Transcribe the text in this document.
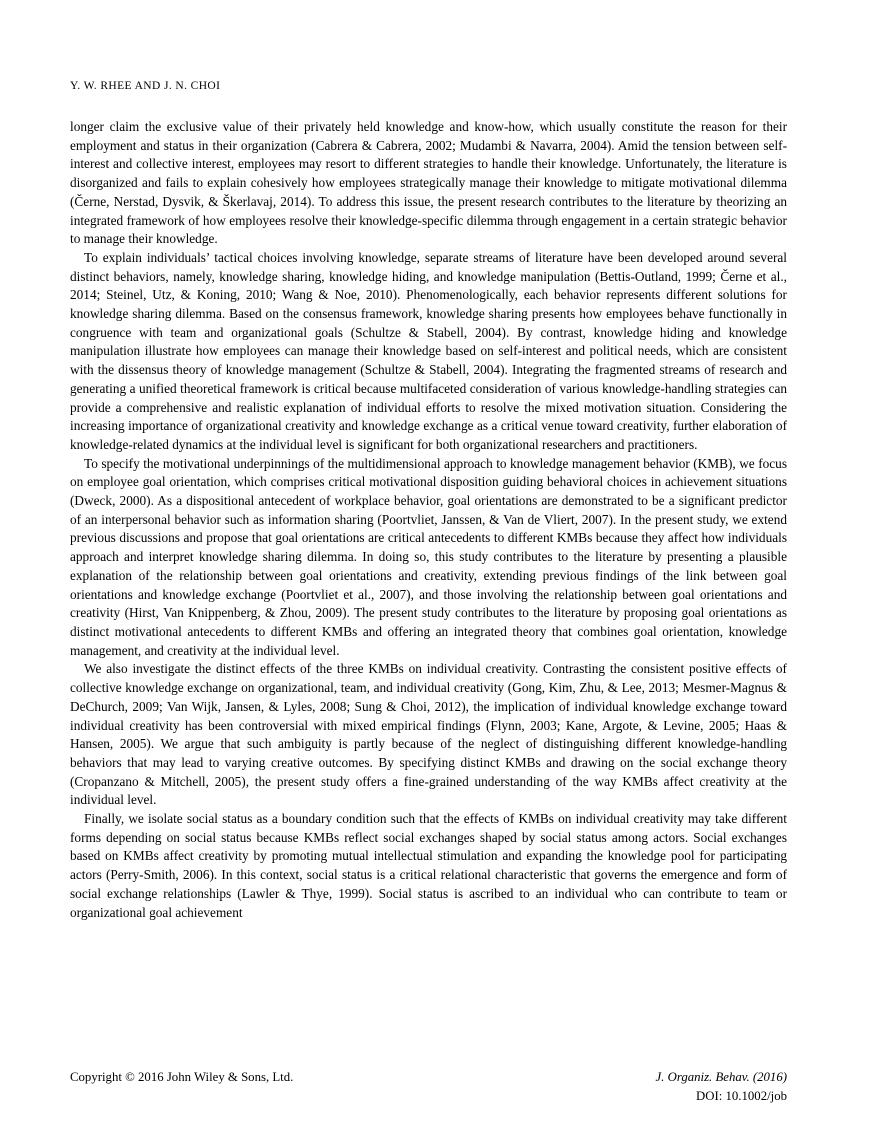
Y. W. RHEE AND J. N. CHOI

longer claim the exclusive value of their privately held knowledge and know-how, which usually constitute the reason for their employment and status in their organization (Cabrera & Cabrera, 2002; Mudambi & Navarra, 2004). Amid the tension between self-interest and collective interest, employees may resort to different strategies to handle their knowledge. Unfortunately, the literature is disorganized and fails to explain cohesively how employees strategically manage their knowledge to mitigate motivational dilemma (Černe, Nerstad, Dysvik, & Škerlavaj, 2014). To address this issue, the present research contributes to the literature by theorizing an integrated framework of how employees resolve their knowledge-specific dilemma through engagement in a certain strategic behavior to manage their knowledge.

To explain individuals’ tactical choices involving knowledge, separate streams of literature have been developed around several distinct behaviors, namely, knowledge sharing, knowledge hiding, and knowledge manipulation (Bettis-Outland, 1999; Černe et al., 2014; Steinel, Utz, & Koning, 2010; Wang & Noe, 2010). Phenomenologically, each behavior represents different solutions for knowledge sharing dilemma. Based on the consensus framework, knowledge sharing presents how employees behave functionally in congruence with team and organizational goals (Schultze & Stabell, 2004). By contrast, knowledge hiding and knowledge manipulation illustrate how employees can manage their knowledge based on self-interest and political needs, which are consistent with the dissensus theory of knowledge management (Schultze & Stabell, 2004). Integrating the fragmented streams of research and generating a unified theoretical framework is critical because multifaceted consideration of various knowledge-handling strategies can provide a comprehensive and realistic explanation of individual efforts to resolve the mixed motivation situation. Considering the increasing importance of organizational creativity and knowledge exchange as a critical venue toward creativity, further elaboration of knowledge-related dynamics at the individual level is significant for both organizational researchers and practitioners.

To specify the motivational underpinnings of the multidimensional approach to knowledge management behavior (KMB), we focus on employee goal orientation, which comprises critical motivational disposition guiding behavioral choices in achievement situations (Dweck, 2000). As a dispositional antecedent of workplace behavior, goal orientations are demonstrated to be a significant predictor of an interpersonal behavior such as information sharing (Poortvliet, Janssen, & Van de Vliert, 2007). In the present study, we extend previous discussions and propose that goal orientations are critical antecedents to different KMBs because they affect how individuals approach and interpret knowledge sharing dilemma. In doing so, this study contributes to the literature by presenting a plausible explanation of the relationship between goal orientations and creativity, extending previous findings of the link between goal orientations and knowledge exchange (Poortvliet et al., 2007), and those involving the relationship between goal orientations and creativity (Hirst, Van Knippenberg, & Zhou, 2009). The present study contributes to the literature by proposing goal orientations as distinct motivational antecedents to different KMBs and offering an integrated theory that combines goal orientation, knowledge management, and creativity at the individual level.

We also investigate the distinct effects of the three KMBs on individual creativity. Contrasting the consistent positive effects of collective knowledge exchange on organizational, team, and individual creativity (Gong, Kim, Zhu, & Lee, 2013; Mesmer-Magnus & DeChurch, 2009; Van Wijk, Jansen, & Lyles, 2008; Sung & Choi, 2012), the implication of individual knowledge exchange toward individual creativity has been controversial with mixed empirical findings (Flynn, 2003; Kane, Argote, & Levine, 2005; Haas & Hansen, 2005). We argue that such ambiguity is partly because of the neglect of distinguishing different knowledge-handling behaviors that may lead to varying creative outcomes. By specifying distinct KMBs and drawing on the social exchange theory (Cropanzano & Mitchell, 2005), the present study offers a fine-grained understanding of the way KMBs affect creativity at the individual level.

Finally, we isolate social status as a boundary condition such that the effects of KMBs on individual creativity may take different forms depending on social status because KMBs reflect social exchanges shaped by social status among actors. Social exchanges based on KMBs affect creativity by promoting mutual intellectual stimulation and expanding the knowledge pool for participating actors (Perry-Smith, 2006). In this context, social status is a critical relational characteristic that governs the emergence and form of social exchange relationships (Lawler & Thye, 1999). Social status is ascribed to an individual who can contribute to team or organizational goal achievement

Copyright © 2016 John Wiley & Sons, Ltd.	J. Organiz. Behav. (2016)
DOI: 10.1002/job
